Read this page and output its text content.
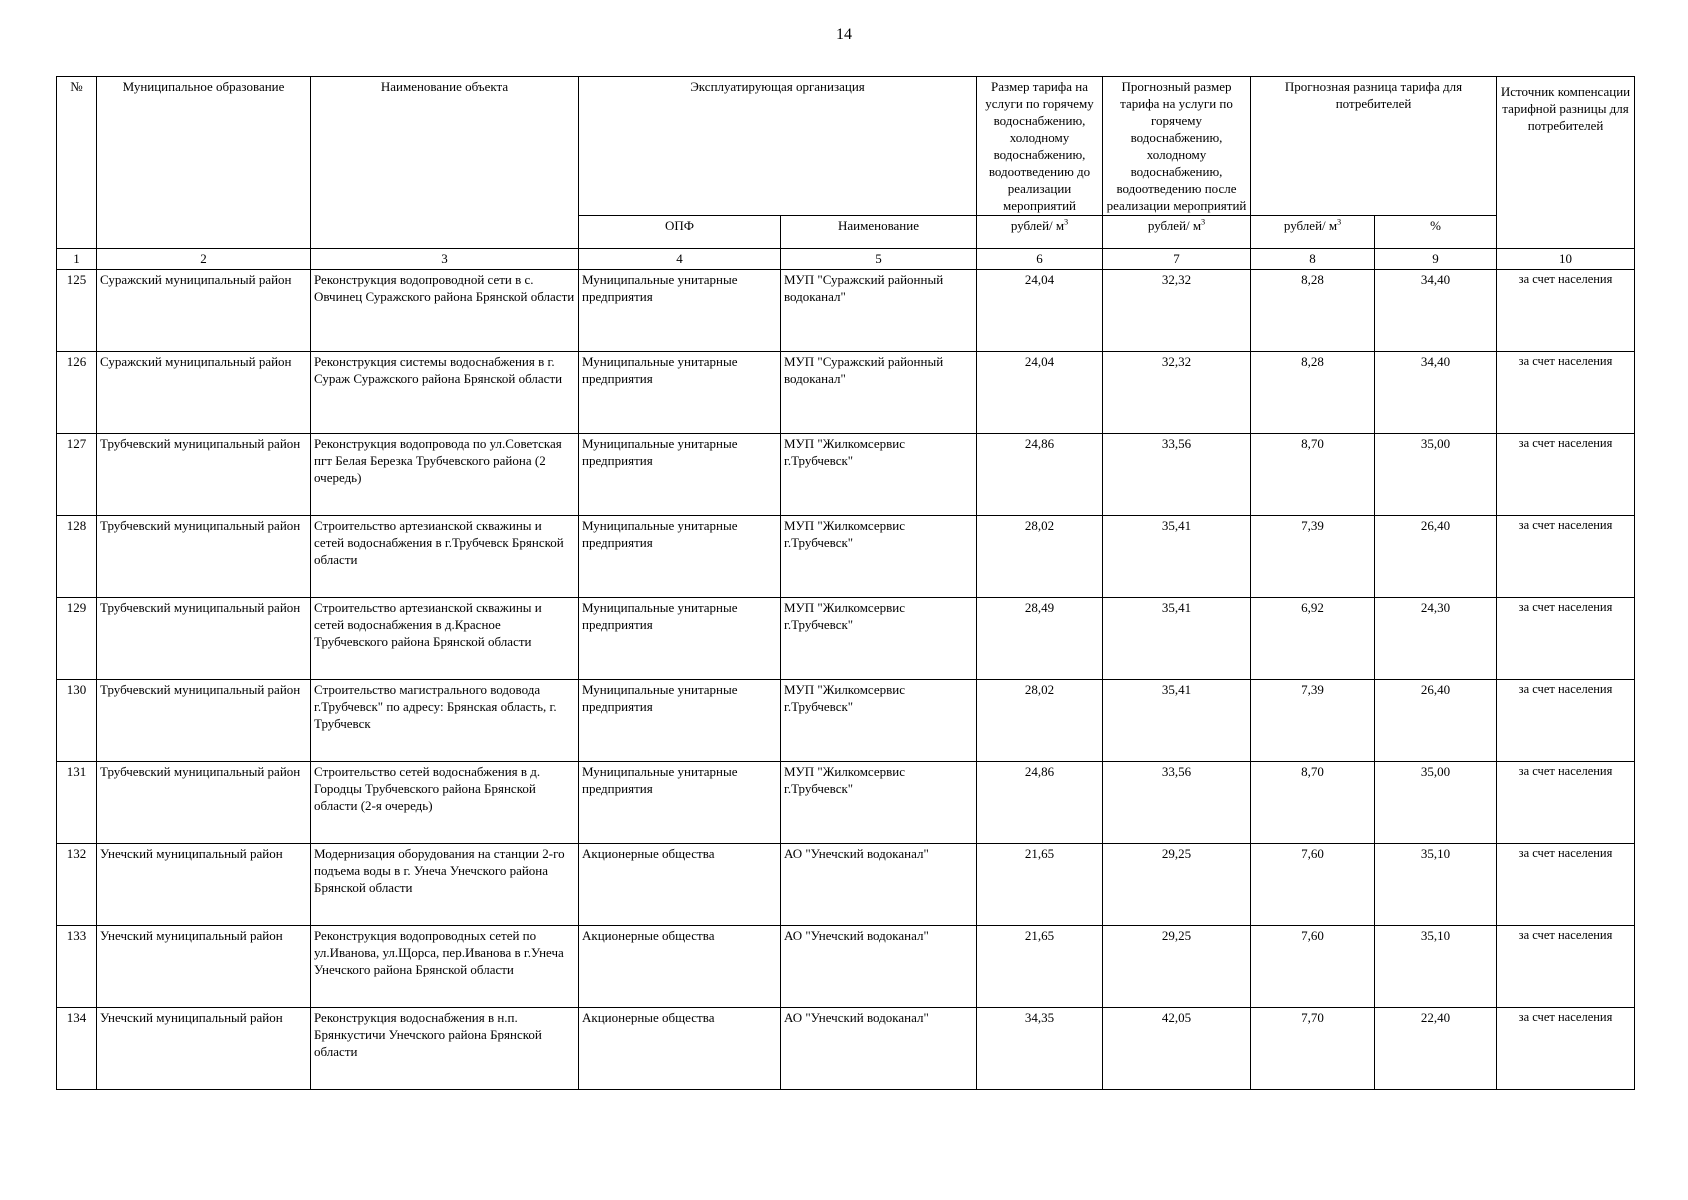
14
№	Муниципальное образование	Наименование объекта	Эксплуатирующая организация		Размер тарифа на услуги по горячему водоснабжению, холодному водоснабжению, водоотведению до реализации мероприятий	Прогнозный размер тарифа на услуги по горячему водоснабжению, холодному водоснабжению, водоотведению после реализации мероприятий	Прогнозная разница тарифа для потребителей		Источник компенсации тарифной разницы для потребителей
			ОПФ	Наименование	рублей/ $м^3$	рублей/ $м^3$	рублей/ $м^3$	%	
1	2	3	4	5	6	7	8	9	10
125	Суражский муниципальный район	Реконструкция водопроводной сети в с. Овчинец Суражского района Брянской области	Муниципальные унитарные предприятия	МУП "Суражский районный водоканал"	24,04	32,32	8,28	34,40	за счет населения
126	Суражский муниципальный район	Реконструкция системы водоснабжения в г. Сураж Суражского района Брянской области	Муниципальные унитарные предприятия	МУП "Суражский районный водоканал"	24,04	32,32	8,28	34,40	за счет населения
127	Трубчевский муниципальный район	Реконструкция водопровода по ул.Советская пгт Белая Березка Трубчевского района (2 очередь)	Муниципальные унитарные предприятия	МУП "Жилкомсервис г.Трубчевск"	24,86	33,56	8,70	35,00	за счет населения
128	Трубчевский муниципальный район	Строительство артезианской скважины и сетей водоснабжения в г.Трубчевск Брянской области	Муниципальные унитарные предприятия	МУП "Жилкомсервис г.Трубчевск"	28,02	35,41	7,39	26,40	за счет населения
129	Трубчевский муниципальный район	Строительство артезианской скважины и сетей водоснабжения в д.Красное Трубчевского района Брянской области	Муниципальные унитарные предприятия	МУП "Жилкомсервис г.Трубчевск"	28,49	35,41	6,92	24,30	за счет населения
130	Трубчевский муниципальный район	Строительство магистрального водовода г.Трубчевск" по адресу: Брянская область, г. Трубчевск	Муниципальные унитарные предприятия	МУП "Жилкомсервис г.Трубчевск"	28,02	35,41	7,39	26,40	за счет населения
131	Трубчевский муниципальный район	Строительство сетей водоснабжения в д. Городцы Трубчевского района Брянской области (2-я очередь)	Муниципальные унитарные предприятия	МУП "Жилкомсервис г.Трубчевск"	24,86	33,56	8,70	35,00	за счет населения
132	Унечский муниципальный район	Модернизация оборудования на станции 2-го подъема воды в г. Унеча Унечского района Брянской области	Акционерные общества	АО "Унечский водоканал"	21,65	29,25	7,60	35,10	за счет населения
133	Унечский муниципальный район	Реконструкция водопроводных сетей по ул.Иванова, ул.Щорса, пер.Иванова в г.Унеча Унечского района Брянской области	Акционерные общества	АО "Унечский водоканал"	21,65	29,25	7,60	35,10	за счет населения
134	Унечский муниципальный район	Реконструкция водоснабжения в н.п. Брянкустичи Унечского района Брянской области	Акционерные общества	АО "Унечский водоканал"	34,35	42,05	7,70	22,40	за счет населения
